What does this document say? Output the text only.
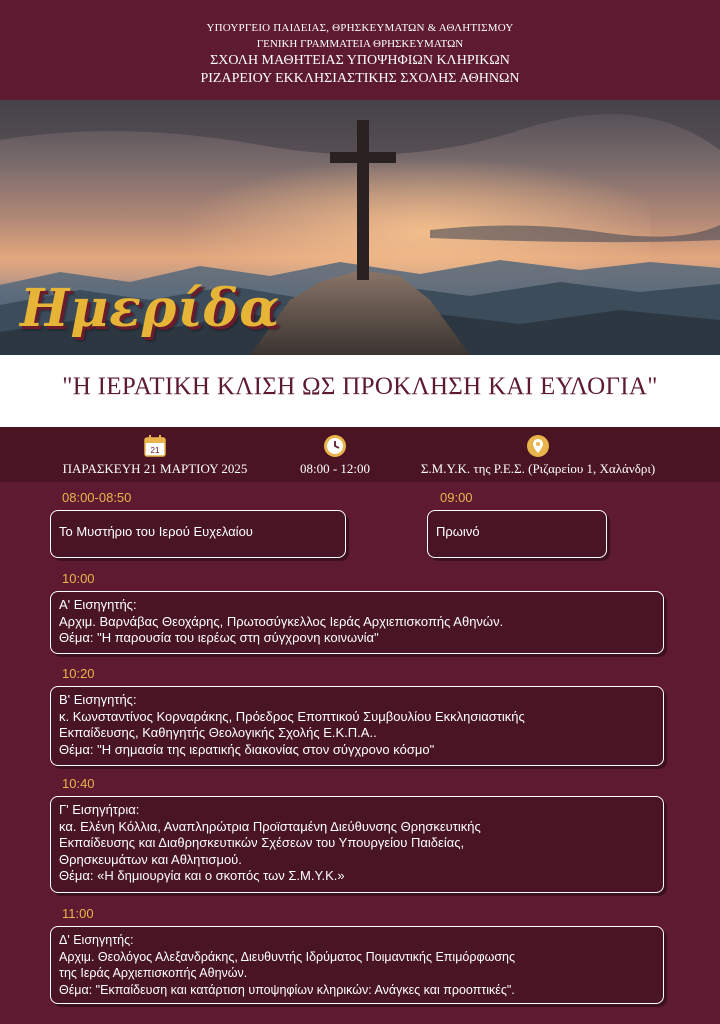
ΥΠΟΥΡΓΕΙΟ ΠΑΙΔΕΙΑΣ, ΘΡΗΣΚΕΥΜΑΤΩΝ & ΑΘΛΗΤΙΣΜΟΥ
ΓΕΝΙΚΗ ΓΡΑΜΜΑΤΕΙΑ ΘΡΗΣΚΕΥΜΑΤΩΝ
ΣΧΟΛΗ ΜΑΘΗΤΕΙΑΣ ΥΠΟΨΗΦΙΩΝ ΚΛΗΡΙΚΩΝ
ΡΙΖΑΡΕΙΟΥ ΕΚΚΛΗΣΙΑΣΤΙΚΗΣ ΣΧΟΛΗΣ ΑΘΗΝΩΝ
Ημερίδα
"Η ΙΕΡΑΤΙΚΗ ΚΛΙΣΗ ΩΣ ΠΡΟΚΛΗΣΗ ΚΑΙ ΕΥΛΟΓΙΑ"
21
ΠΑΡΑΣΚΕΥΗ 21 ΜΑΡΤΙΟΥ 2025	08:00 - 12:00	Σ.Μ.Υ.Κ. της Ρ.Ε.Σ. (Ριζαρείου 1, Χαλάνδρι)
08:00-08:50
Το Μυστήριο του Ιερού Ευχελαίου
09:00
Πρωινό
10:00
Α' Εισηγητής:
Αρχιμ. Βαρνάβας Θεοχάρης, Πρωτοσύγκελλος Ιεράς Αρχιεπισκοπής Αθηνών.
Θέμα: "Η παρουσία του ιερέως στη σύγχρονη κοινωνία"
10:20
Β' Εισηγητής:
κ. Κωνσταντίνος Κορναράκης, Πρόεδρος Εποπτικού Συμβουλίου Εκκλησιαστικής
Εκπαίδευσης, Καθηγητής Θεολογικής Σχολής Ε.Κ.Π.Α..
Θέμα: "Η σημασία της ιερατικής διακονίας στον σύγχρονο κόσμο"
10:40
Γ' Εισηγήτρια:
κα. Ελένη Κόλλια, Αναπληρώτρια Προϊσταμένη Διεύθυνσης Θρησκευτικής
Εκπαίδευσης και Διαθρησκευτικών Σχέσεων του Υπουργείου Παιδείας,
Θρησκευμάτων και Αθλητισμού.
Θέμα: «Η δημιουργία και ο σκοπός των Σ.Μ.Υ.Κ.»
11:00
Δ' Εισηγητής:
Αρχιμ. Θεολόγος Αλεξανδράκης, Διευθυντής Ιδρύματος Ποιμαντικής Επιμόρφωσης
της Ιεράς Αρχιεπισκοπής Αθηνών.
Θέμα: "Εκπαίδευση και κατάρτιση υποψηφίων κληρικών: Ανάγκες και προοπτικές".
